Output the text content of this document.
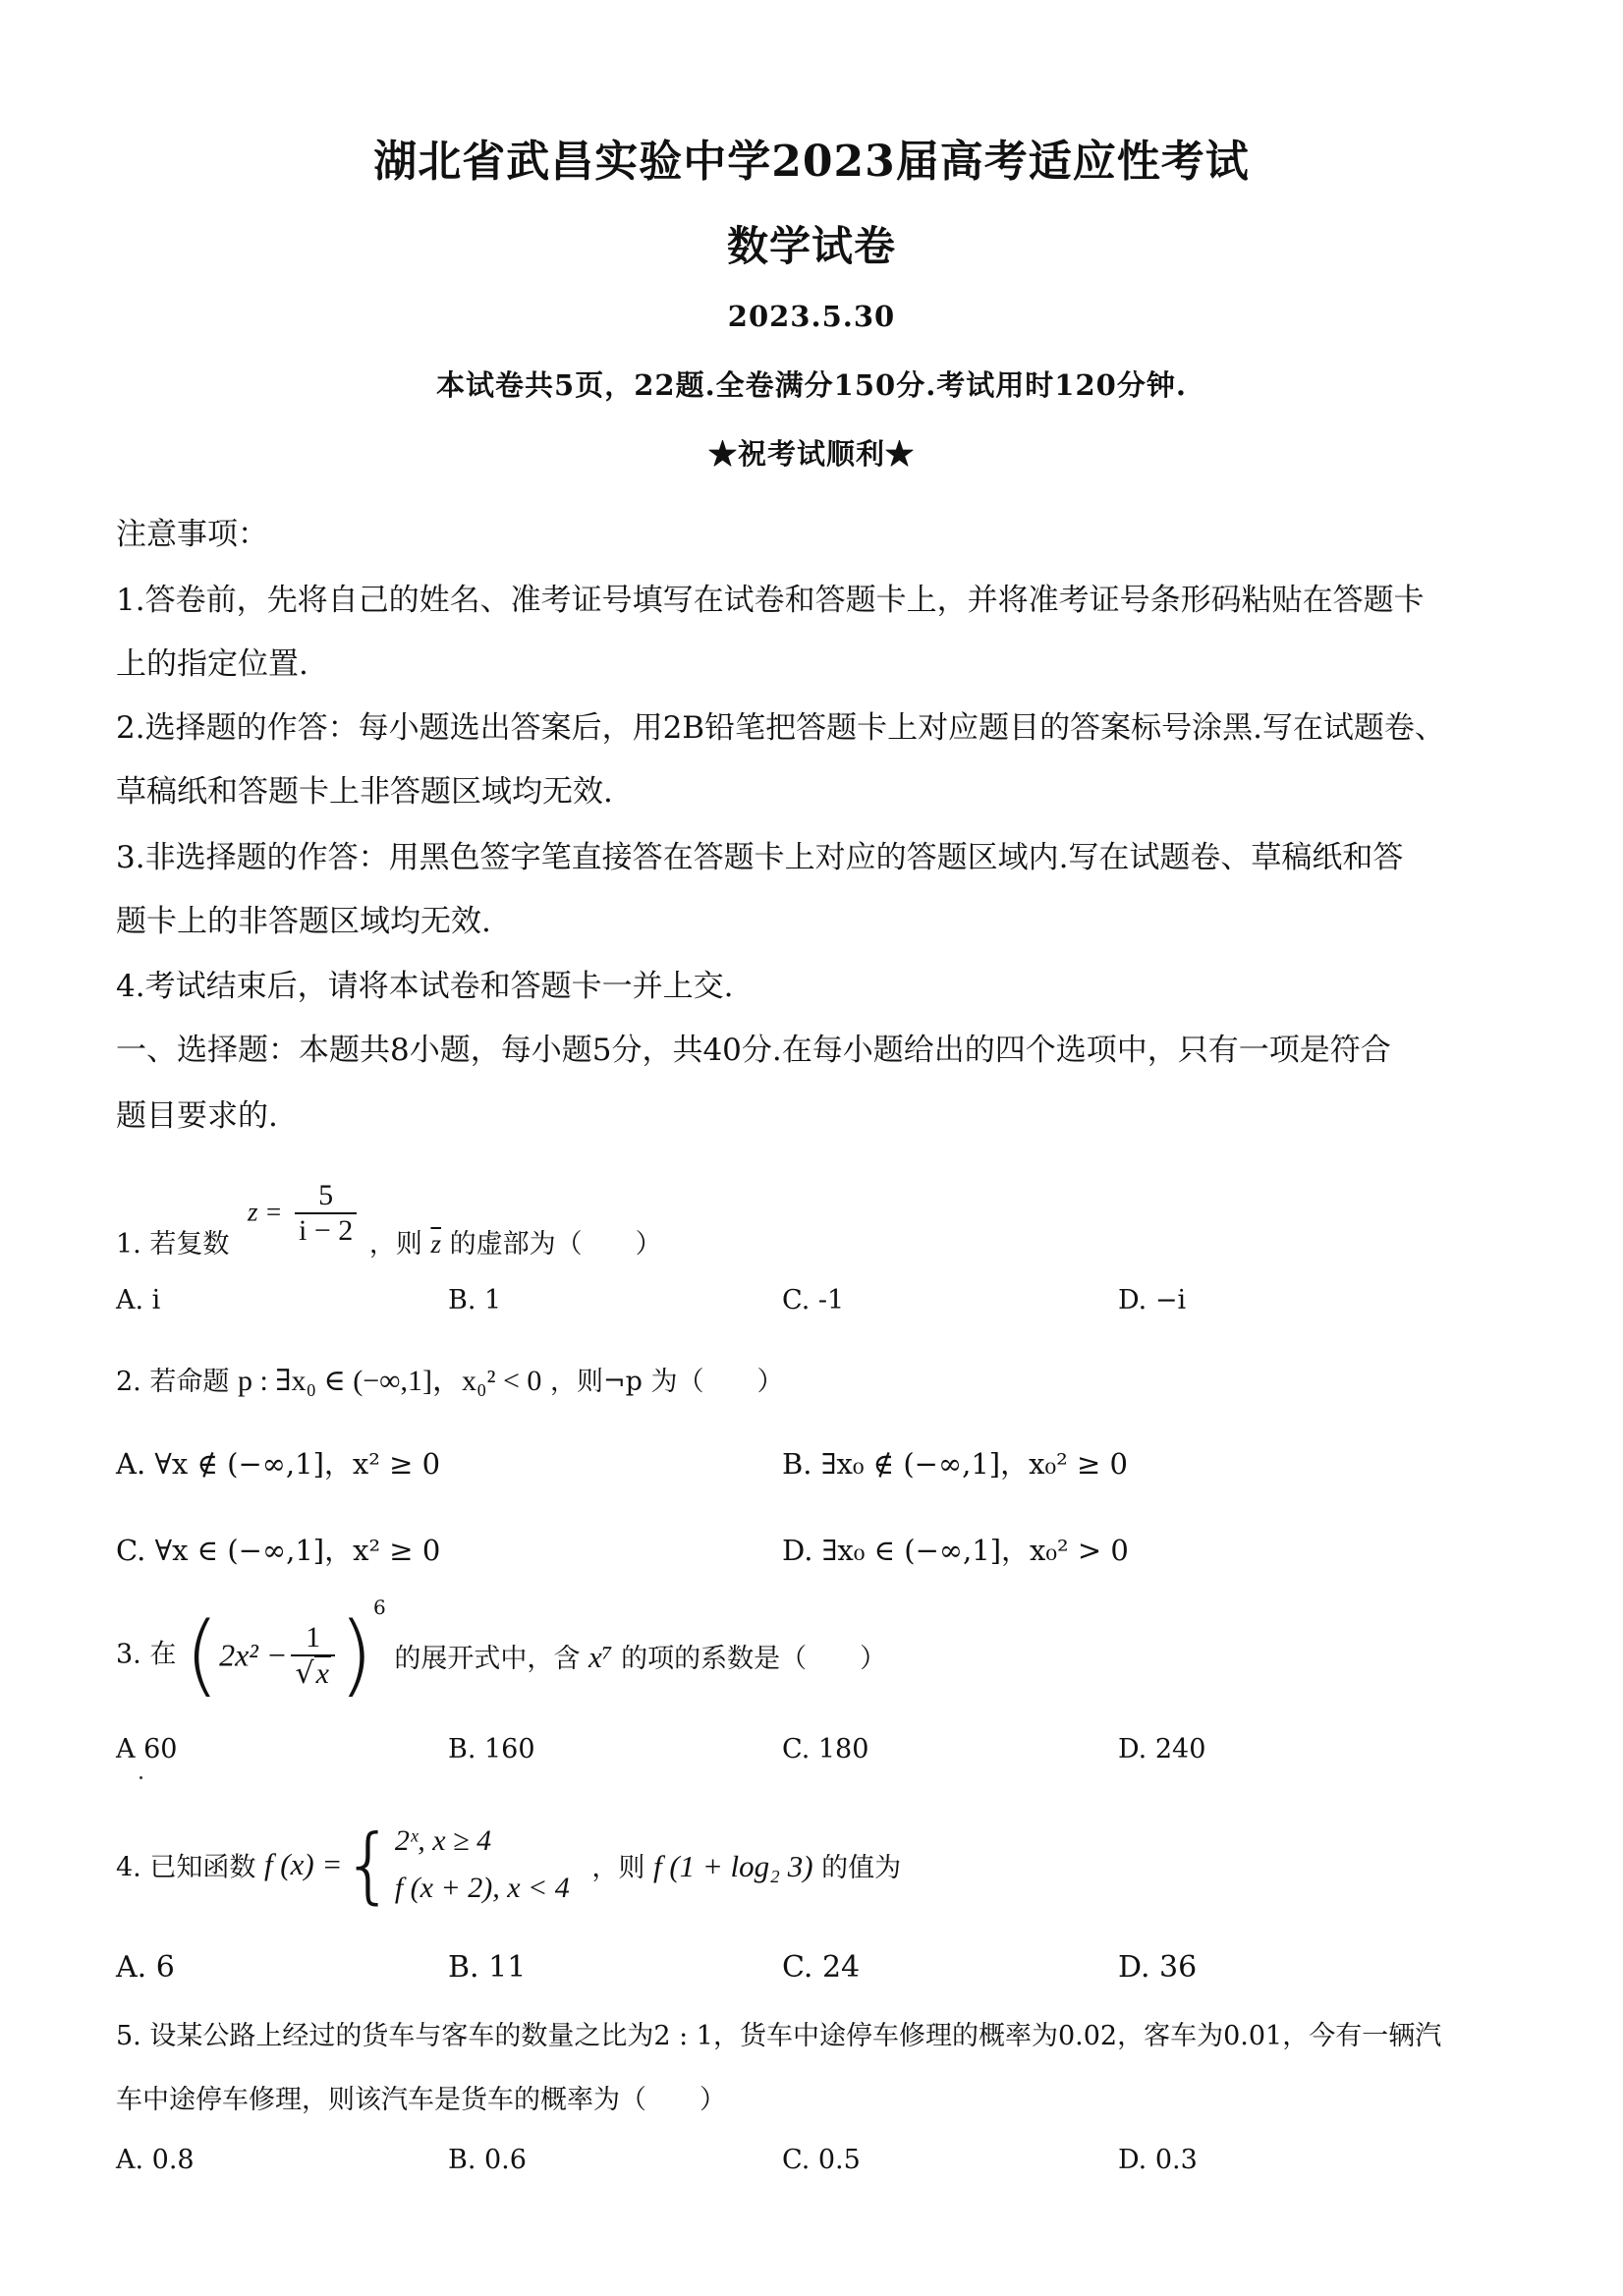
湖北省武昌实验中学2023届高考适应性考试
数学试卷
2023.5.30
本试卷共5页，22题.全卷满分150分.考试用时120分钟.
★祝考试顺利★
注意事项：
1.答卷前，先将自己的姓名、准考证号填写在试卷和答题卡上，并将准考证号条形码粘贴在答题卡
上的指定位置.
2.选择题的作答：每小题选出答案后，用2B铅笔把答题卡上对应题目的答案标号涂黑.写在试题卷、
草稿纸和答题卡上非答题区域均无效.
3.非选择题的作答：用黑色签字笔直接答在答题卡上对应的答题区域内.写在试题卷、草稿纸和答
题卡上的非答题区域均无效.
4.考试结束后，请将本试卷和答题卡一并上交.
一、选择题：本题共8小题，每小题5分，共40分.在每小题给出的四个选项中，只有一项是符合
题目要求的.
1. 若复数 $z = \frac{5}{i - 2}$ ，则 $\overline{z}$ 的虚部为（　　）
A. i	B. 1	C. -1	D. −i
2. 若命题 p : ∃x₀ ∈ (−∞,1]，x₀² < 0 ，则¬p 为（　　）
A. ∀x ∉ (−∞,1]，x² ≥ 0	B. ∃x₀ ∉ (−∞,1]，x₀² ≥ 0
C. ∀x ∈ (−∞,1]，x² ≥ 0	D. ∃x₀ ∈ (−∞,1]，x₀² > 0
3. 在 $(2x^2 - \frac{1}{√x} )^6$ 的展开式中，含 x⁷ 的项的系数是（　　）
A 60	B. 160	C. 180	D. 240
4. 已知函数 f (x) ={ 2ˣ, x ≥ 4
f (x + 2), x < 4
，则 f (1 + log₂ 3) 的值为
A. 6	B. 11	C. 24	D. 36
5. 设某公路上经过的货车与客车的数量之比为2 : 1，货车中途停车修理的概率为0.02，客车为0.01，今有一辆汽
车中途停车修理，则该汽车是货车的概率为（　　）
A. 0.8	B. 0.6	C. 0.5	D. 0.3
